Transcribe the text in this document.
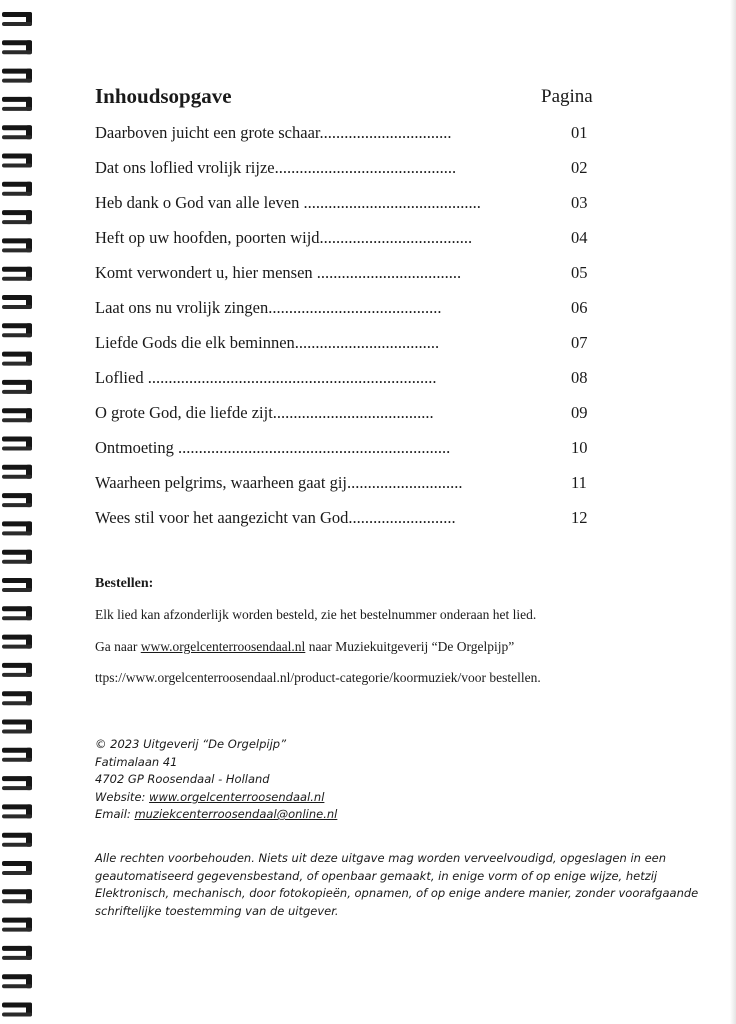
Inhoudsopgave	Pagina
Daarboven juicht een grote schaar................................	01
Dat ons loflied vrolijk rijze............................................	02
Heb dank o God van alle leven ...........................................	03
Heft op uw hoofden, poorten wijd.....................................	04
Komt verwondert u, hier mensen ...................................	05
Laat ons nu vrolijk zingen..........................................	06
Liefde Gods die elk beminnen...................................	07
Loflied ......................................................................	08
O grote God, die liefde zijt.......................................	09
Ontmoeting ..................................................................	10
Waarheen pelgrims, waarheen gaat gij............................	11
Wees stil voor het aangezicht van God..........................	12
Bestellen:
Elk lied kan afzonderlijk worden besteld, zie het bestelnummer onderaan het lied.
Ga naar www.orgelcenterroosendaal.nl naar Muziekuitgeverij “De Orgelpijp”
ttps://www.orgelcenterroosendaal.nl/product-categorie/koormuziek/voor bestellen.
© 2023 Uitgeverij “De Orgelpijp”
Fatimalaan 41
4702 GP Roosendaal - Holland
Website: www.orgelcenterroosendaal.nl
Email: muziekcenterroosendaal@online.nl
Alle rechten voorbehouden. Niets uit deze uitgave mag worden verveelvoudigd, opgeslagen in een
geautomatiseerd gegevensbestand, of openbaar gemaakt, in enige vorm of op enige wijze, hetzij
Elektronisch, mechanisch, door fotokopieën, opnamen, of op enige andere manier, zonder voorafgaande
schriftelijke toestemming van de uitgever.
